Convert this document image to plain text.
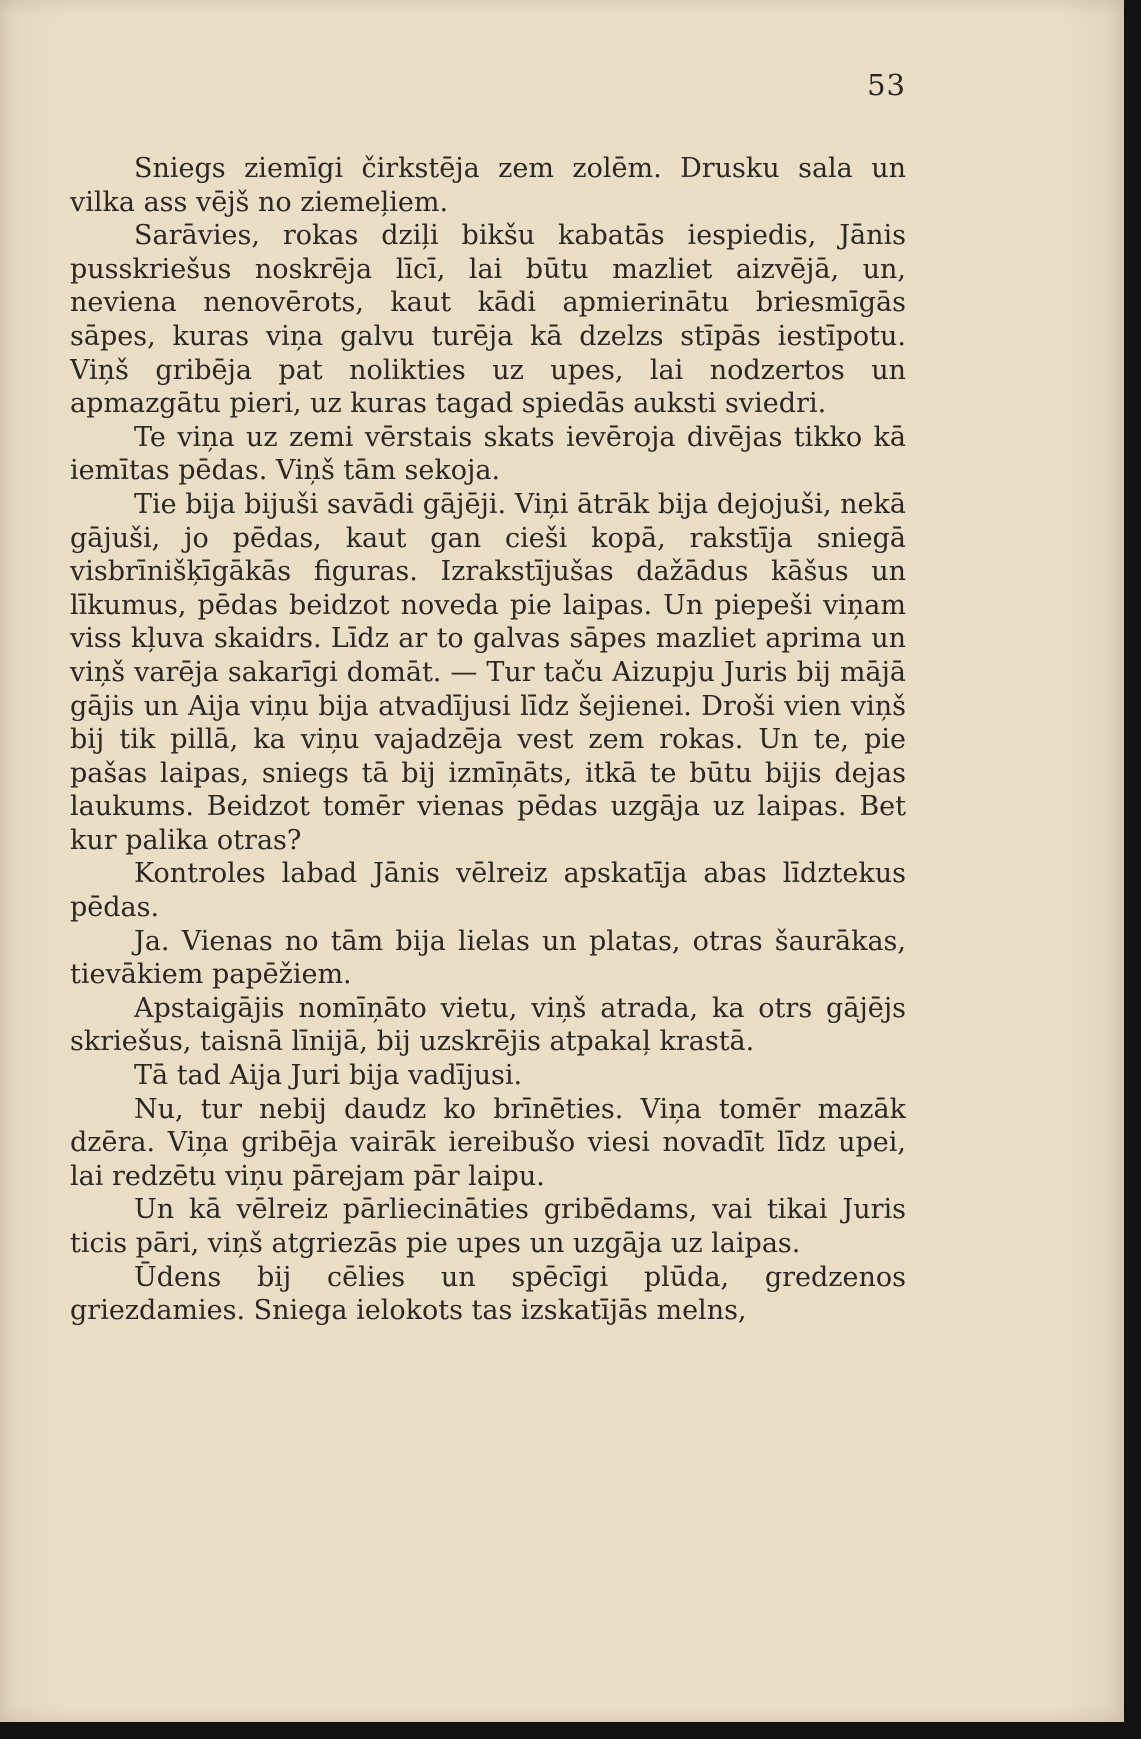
53

Sniegs ziemīgi čirkstēja zem zolēm. Drusku sala un vilka ass vējš no ziemeļiem.

Sarāvies, rokas dziļi bikšu kabatās iespiedis, Jānis pusskriešus noskrēja līcī, lai būtu mazliet aizvējā, un, neviena nenovērots, kaut kādi apmierinātu briesmīgās sāpes, kuras viņa galvu turēja kā dzelzs stīpās iestīpotu. Viņš gribēja pat nolikties uz upes, lai nodzertos un apmazgātu pieri, uz kuras tagad spiedās auksti sviedri.

Te viņa uz zemi vērstais skats ievēroja divējas tikko kā iemītas pēdas. Viņš tām sekoja.

Tie bija bijuši savādi gājēji. Viņi ātrāk bija dejojuši, nekā gājuši, jo pēdas, kaut gan cieši kopā, rakstīja sniegā visbrīnišķīgākās figuras. Izrakstījušas dažādus kāšus un līkumus, pēdas beidzot noveda pie laipas. Un piepeši viņam viss kļuva skaidrs. Līdz ar to galvas sāpes mazliet aprima un viņš varēja sakarīgi domāt. — Tur taču Aizupju Juris bij mājā gājis un Aija viņu bija atvadījusi līdz šejienei. Droši vien viņš bij tik pillā, ka viņu vajadzēja vest zem rokas. Un te, pie pašas laipas, sniegs tā bij izmīņāts, itkā te būtu bijis dejas laukums. Beidzot tomēr vienas pēdas uzgāja uz laipas. Bet kur palika otras?

Kontroles labad Jānis vēlreiz apskatīja abas līdztekus pēdas.

Ja. Vienas no tām bija lielas un platas, otras šaurākas, tievākiem papēžiem.

Apstaigājis nomīņāto vietu, viņš atrada, ka otrs gājējs skriešus, taisnā līnijā, bij uzskrējis atpakaļ krastā.

Tā tad Aija Juri bija vadījusi.

Nu, tur nebij daudz ko brīnēties. Viņa tomēr mazāk dzēra. Viņa gribēja vairāk iereibušo viesi novadīt līdz upei, lai redzētu viņu pārejam pār laipu.

Un kā vēlreiz pārliecināties gribēdams, vai tikai Juris ticis pāri, viņš atgriezās pie upes un uzgāja uz laipas.

Ūdens bij cēlies un spēcīgi plūda, gredzenos griezdamies. Sniega ielokots tas izskatījās melns,
